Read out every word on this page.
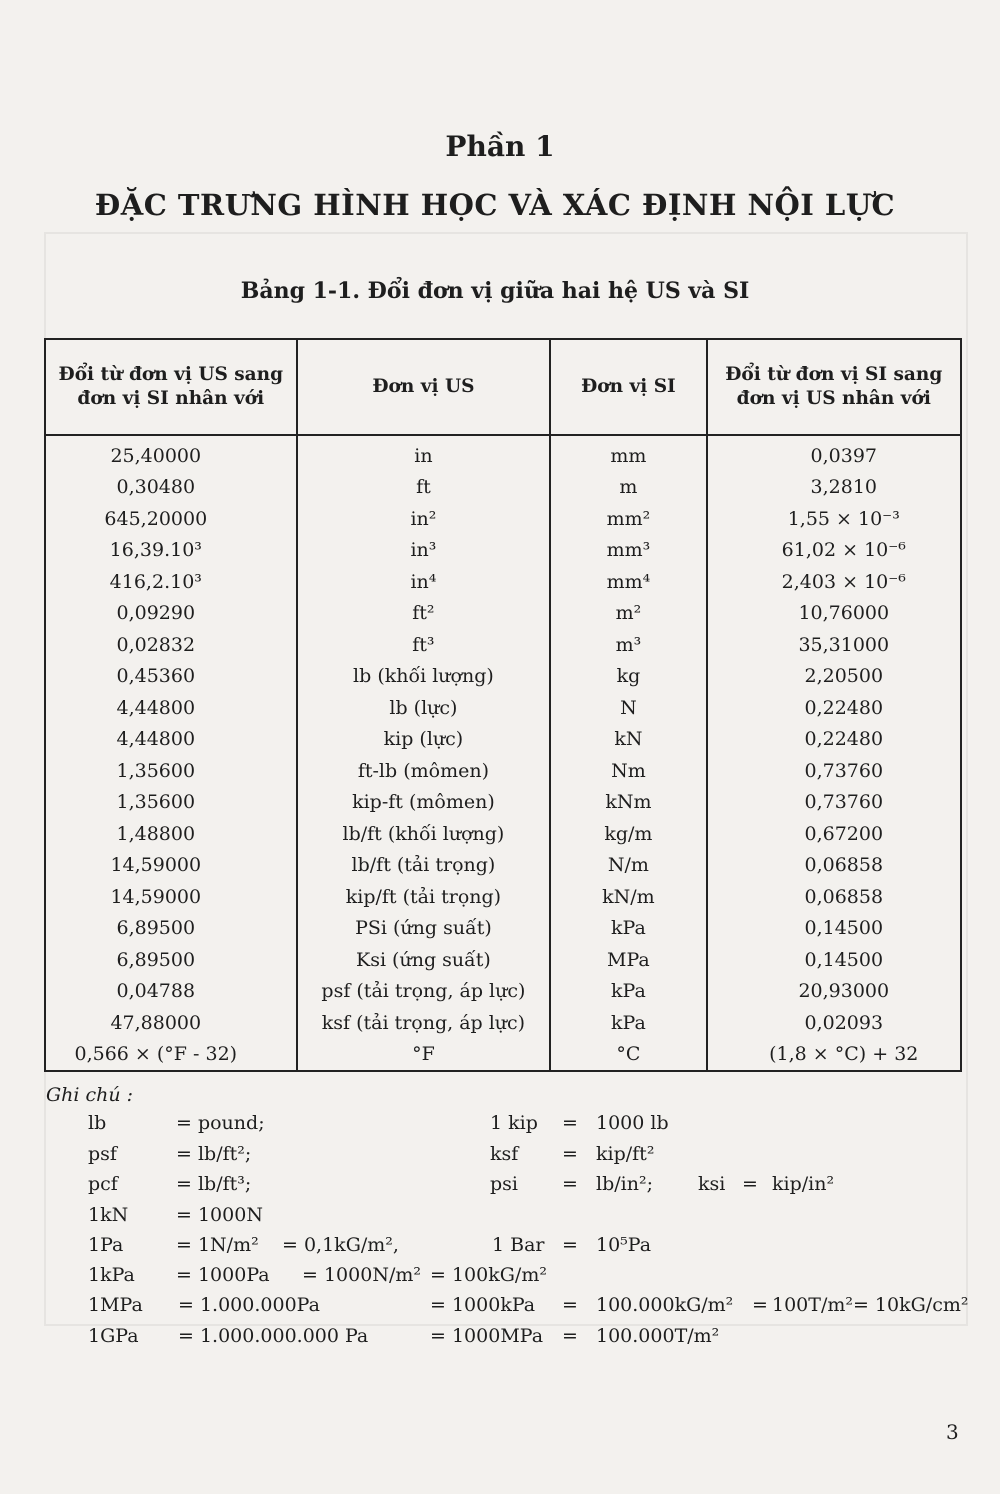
Phần 1
ĐẶC TRƯNG HÌNH HỌC VÀ XÁC ĐỊNH NỘI LỰC
Bảng 1-1. Đổi đơn vị giữa hai hệ US và SI
Đổi từ đơn vị US sang đơn vị SI nhân với	Đơn vị US	Đơn vị SI	Đổi từ đơn vị SI sang đơn vị US nhân với
25,40000	in	mm	0,0397
0,30480	ft	m	3,2810
645,20000	in²	mm²	1,55 × 10⁻³
16,39.10³	in³	mm³	61,02 × 10⁻⁶
416,2.10³	in⁴	mm⁴	2,403 × 10⁻⁶
0,09290	ft²	m²	10,76000
0,02832	ft³	m³	35,31000
0,45360	lb (khối lượng)	kg	2,20500
4,44800	lb (lực)	N	0,22480
4,44800	kip (lực)	kN	0,22480
1,35600	ft-lb (mômen)	Nm	0,73760
1,35600	kip-ft (mômen)	kNm	0,73760
1,48800	lb/ft (khối lượng)	kg/m	0,67200
14,59000	lb/ft (tải trọng)	N/m	0,06858
14,59000	kip/ft (tải trọng)	kN/m	0,06858
6,89500	PSi (ứng suất)	kPa	0,14500
6,89500	Ksi (ứng suất)	MPa	0,14500
0,04788	psf (tải trọng, áp lực)	kPa	20,93000
47,88000	ksf (tải trọng, áp lực)	kPa	0,02093
0,566 × (°F - 32)	°F	°C	(1,8 × °C) + 32
Ghi chú :
lb	= pound;	1 kip = 1000 lb
psf	= lb/ft²;	ksf = kip/ft²
pcf	= lb/ft³;	psi = lb/in²; ksi = kip/in²
1kN	= 1000N
1Pa	= 1N/m² = 0,1kG/m²,	1 Bar = 10⁵Pa
1kPa = 1000Pa = 1000N/m² = 100kG/m²
1MPa = 1.000.000Pa	= 1000kPa = 100.000kG/m² = 100T/m²= 10kG/cm²
1GPa = 1.000.000.000 Pa	= 1000MPa = 100.000T/m²
3
